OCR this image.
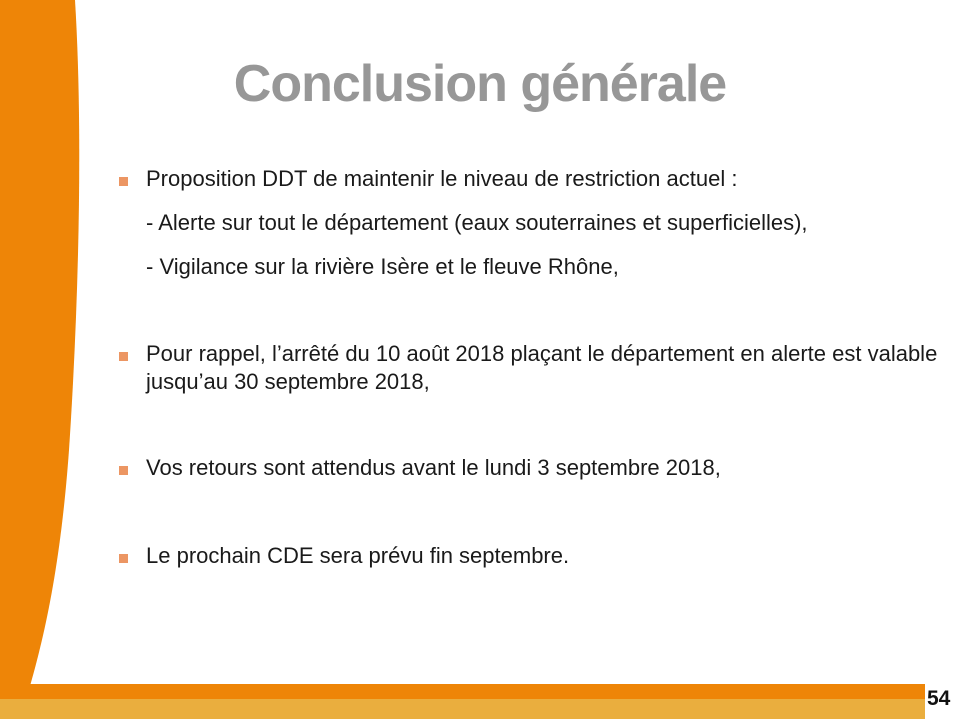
Conclusion générale
Proposition DDT de maintenir le niveau de restriction actuel :
- Alerte sur tout le département (eaux souterraines et superficielles),
- Vigilance sur la rivière Isère et le fleuve Rhône,
Pour rappel, l’arrêté du 10 août 2018 plaçant le département en alerte est valable jusqu’au 30 septembre 2018,
Vos retours sont attendus avant le lundi 3 septembre 2018,
Le prochain CDE sera prévu fin septembre.
54
